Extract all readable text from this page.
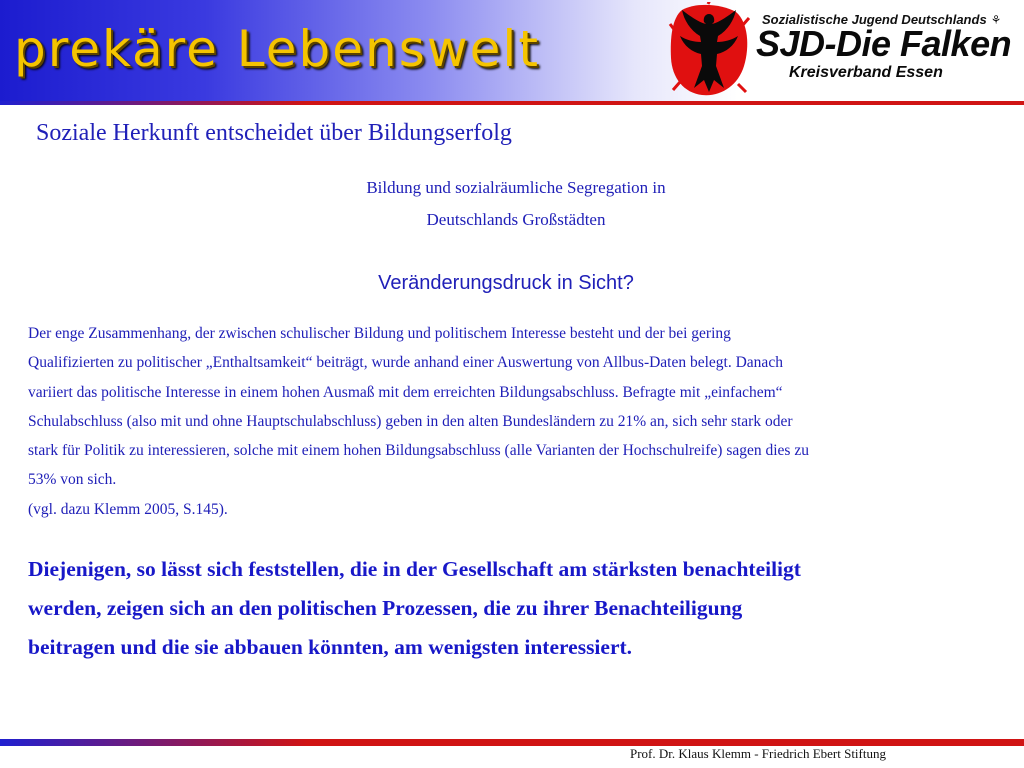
prekäre Lebenswelt
Sozialistische Jugend Deutschlands ⚘
SJD-Die Falken
Kreisverband Essen
Soziale Herkunft entscheidet über Bildungserfolg
Bildung und sozialräumliche Segregation in
Deutschlands Großstädten
Veränderungsdruck in Sicht?
Der enge Zusammenhang, der zwischen schulischer Bildung und politischem Interesse besteht und der bei gering
Qualifizierten zu politischer „Enthaltsamkeit“ beiträgt, wurde anhand einer Auswertung von Allbus-Daten belegt. Danach
variiert das politische Interesse in einem hohen Ausmaß mit dem erreichten Bildungsabschluss. Befragte mit „einfachem“
Schulabschluss (also mit und ohne Hauptschulabschluss) geben in den alten Bundesländern zu 21% an, sich sehr stark oder
stark für Politik zu interessieren, solche mit einem hohen Bildungsabschluss (alle Varianten der Hochschulreife) sagen dies zu
53% von sich.
(vgl. dazu Klemm 2005, S.145).
Diejenigen, so lässt sich feststellen, die in der Gesellschaft am stärksten benachteiligt
werden, zeigen sich an den politischen Prozessen, die zu ihrer Benachteiligung
beitragen und die sie abbauen könnten, am wenigsten interessiert.
Prof. Dr. Klaus Klemm - Friedrich Ebert Stiftung
